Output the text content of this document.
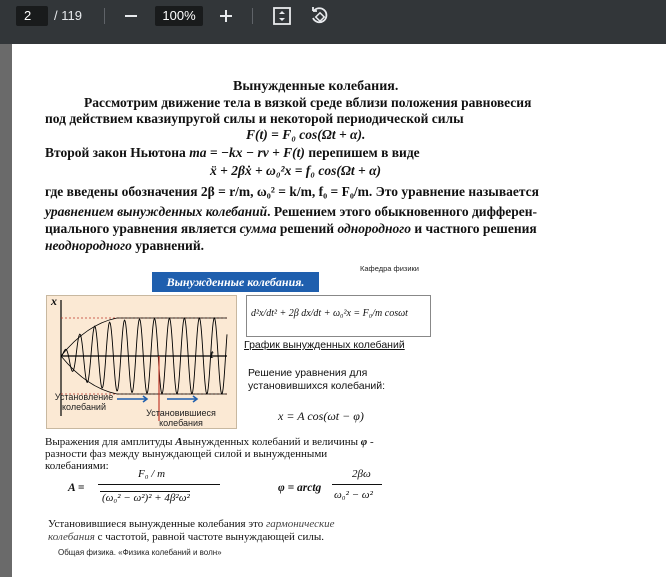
2	/ 119	100%
Вынужденные колебания.
Рассмотрим движение тела в вязкой среде вблизи положения равновесия
под действием квазиупругой силы и некоторой периодической силы
F(t) = F₀ cos(Ωt + α).
Второй закон Ньютона ma = −kx − rv + F(t) перепишем в виде
ẍ + 2βẋ + ω₀²x = f₀ cos(Ωt + α)
где введены обозначения 2β = r/m, ω₀² = k/m, f₀ = F₀/m. Это уравнение называется
уравнением вынужденных колебаний. Решением этого обыкновенного дифферен-
циального уравнения является сумма решений однородного и частного решения
неоднородного уравнений.
Кафедра физики
Вынужденные колебания.
x
t
Установление колебаний
Установившиеся колебания
d²x/dt² + 2β dx/dt + ω₀²x = F₀/m cosωt
График вынужденных колебаний
Решение уравнения для
установившихся колебаний:
x = A cos(ωt − φ)
Выражения для амплитуды Aвынужденных колебаний и величины φ -
разности фаз между вынуждающей силой и вынужденными
колебаниями:
A =
F₀ / m
(ω₀² − ω²)² + 4β²ω²
φ = arctg
2βω
ω₀² − ω²
Установившиеся вынужденные колебания это гармонические
колебания с частотой, равной частоте вынуждающей силы.
Общая физика. «Физика колебаний и волн»
